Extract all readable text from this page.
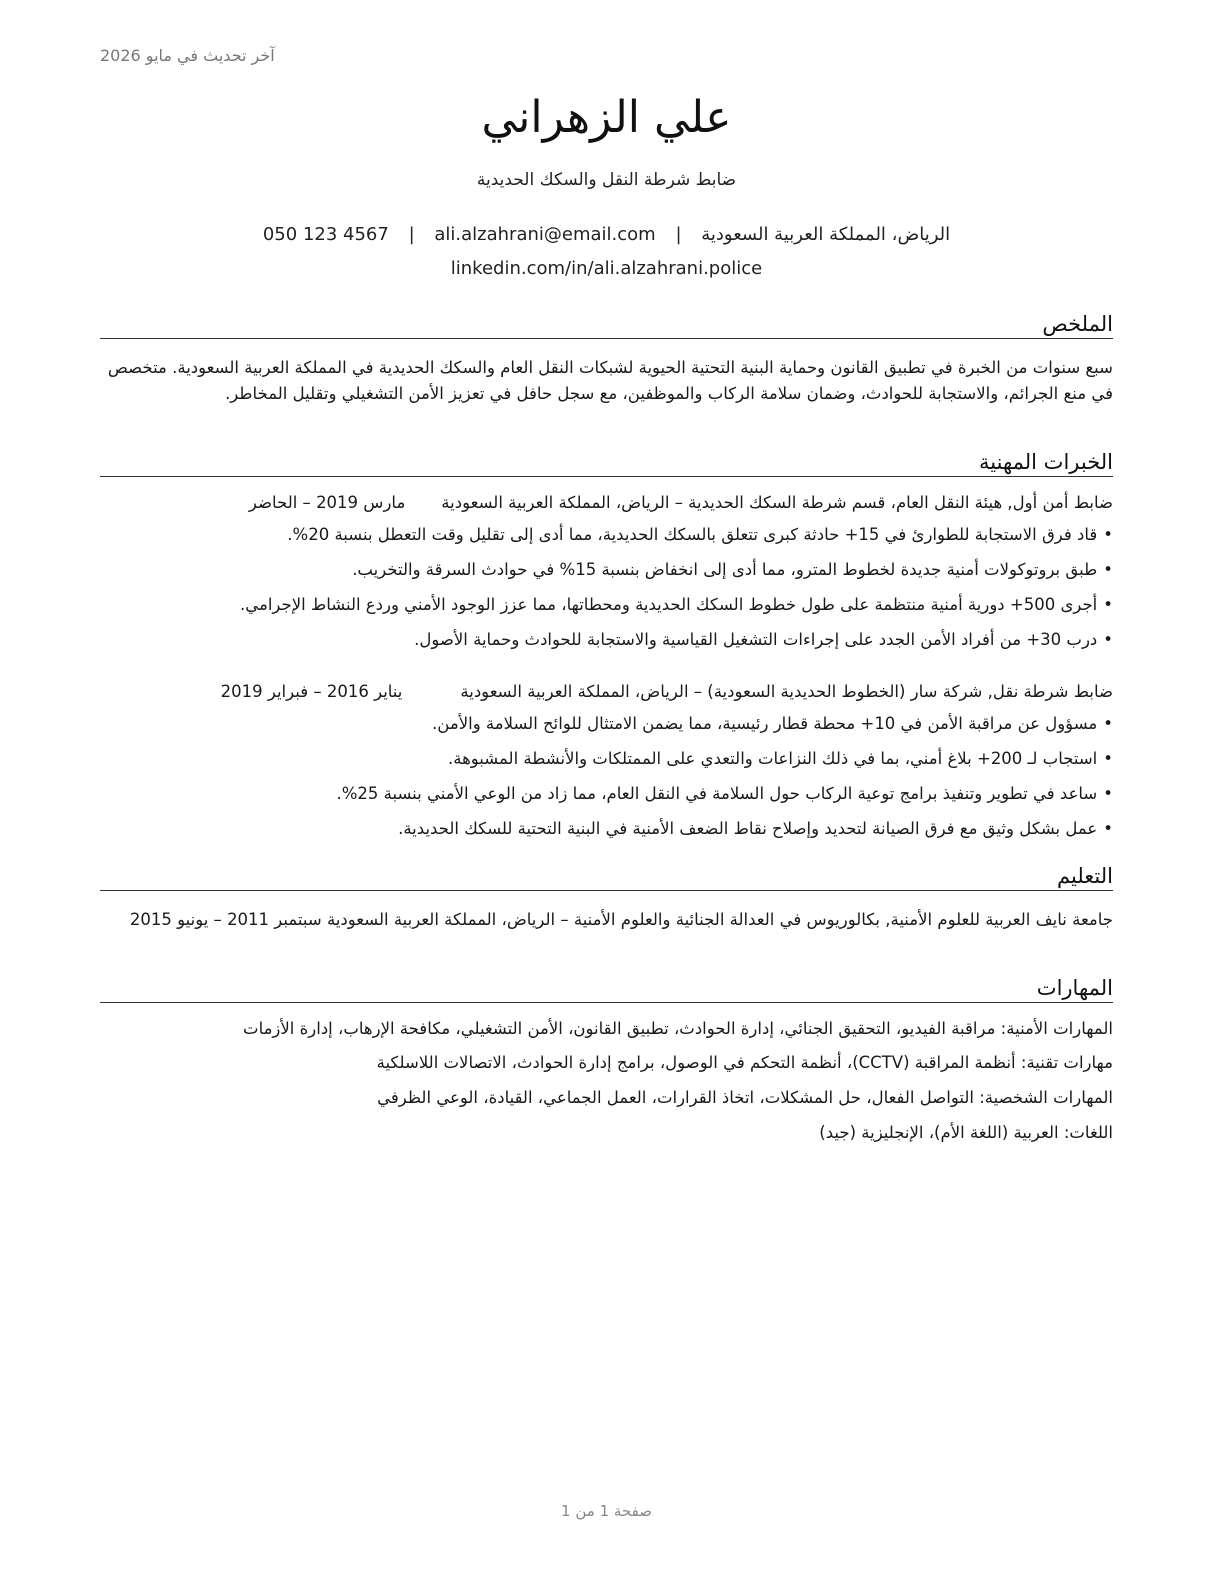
آخر تحديث في مايو 2026
علي الزهراني
ضابط شرطة النقل والسكك الحديدية
الرياض، المملكة العربية السعودية | ali.alzahrani@email.com | 050 123 4567
linkedin.com/in/ali.alzahrani.police
الملخص
سبع سنوات من الخبرة في تطبيق القانون وحماية البنية التحتية الحيوية لشبكات النقل العام والسكك الحديدية في المملكة العربية السعودية. متخصص في منع الجرائم، والاستجابة للحوادث، وضمان سلامة الركاب والموظفين، مع سجل حافل في تعزيز الأمن التشغيلي وتقليل المخاطر.
الخبرات المهنية
ضابط أمن أول, هيئة النقل العام، قسم شرطة السكك الحديدية – الرياض، المملكة العربية السعودية
مارس 2019 – الحاضر
•قاد فرق الاستجابة للطوارئ في 15+ حادثة كبرى تتعلق بالسكك الحديدية، مما أدى إلى تقليل وقت التعطل بنسبة 20%.
•طبق بروتوكولات أمنية جديدة لخطوط المترو، مما أدى إلى انخفاض بنسبة 15% في حوادث السرقة والتخريب.
•أجرى 500+ دورية أمنية منتظمة على طول خطوط السكك الحديدية ومحطاتها، مما عزز الوجود الأمني وردع النشاط الإجرامي.
•درب 30+ من أفراد الأمن الجدد على إجراءات التشغيل القياسية والاستجابة للحوادث وحماية الأصول.
ضابط شرطة نقل, شركة سار (الخطوط الحديدية السعودية) – الرياض، المملكة العربية السعودية
يناير 2016 – فبراير 2019
•مسؤول عن مراقبة الأمن في 10+ محطة قطار رئيسية، مما يضمن الامتثال للوائح السلامة والأمن.
•استجاب لـ 200+ بلاغ أمني، بما في ذلك النزاعات والتعدي على الممتلكات والأنشطة المشبوهة.
•ساعد في تطوير وتنفيذ برامج توعية الركاب حول السلامة في النقل العام، مما زاد من الوعي الأمني بنسبة 25%.
•عمل بشكل وثيق مع فرق الصيانة لتحديد وإصلاح نقاط الضعف الأمنية في البنية التحتية للسكك الحديدية.
التعليم
جامعة نايف العربية للعلوم الأمنية, بكالوريوس في العدالة الجنائية والعلوم الأمنية – الرياض، المملكة العربية السعودية سبتمبر 2011 – يونيو 2015
المهارات
المهارات الأمنية: مراقبة الفيديو، التحقيق الجنائي، إدارة الحوادث، تطبيق القانون، الأمن التشغيلي، مكافحة الإرهاب، إدارة الأزمات
مهارات تقنية: أنظمة المراقبة (CCTV)، أنظمة التحكم في الوصول، برامج إدارة الحوادث، الاتصالات اللاسلكية
المهارات الشخصية: التواصل الفعال، حل المشكلات، اتخاذ القرارات، العمل الجماعي، القيادة، الوعي الظرفي
اللغات: العربية (اللغة الأم)، الإنجليزية (جيد)
صفحة 1 من 1
